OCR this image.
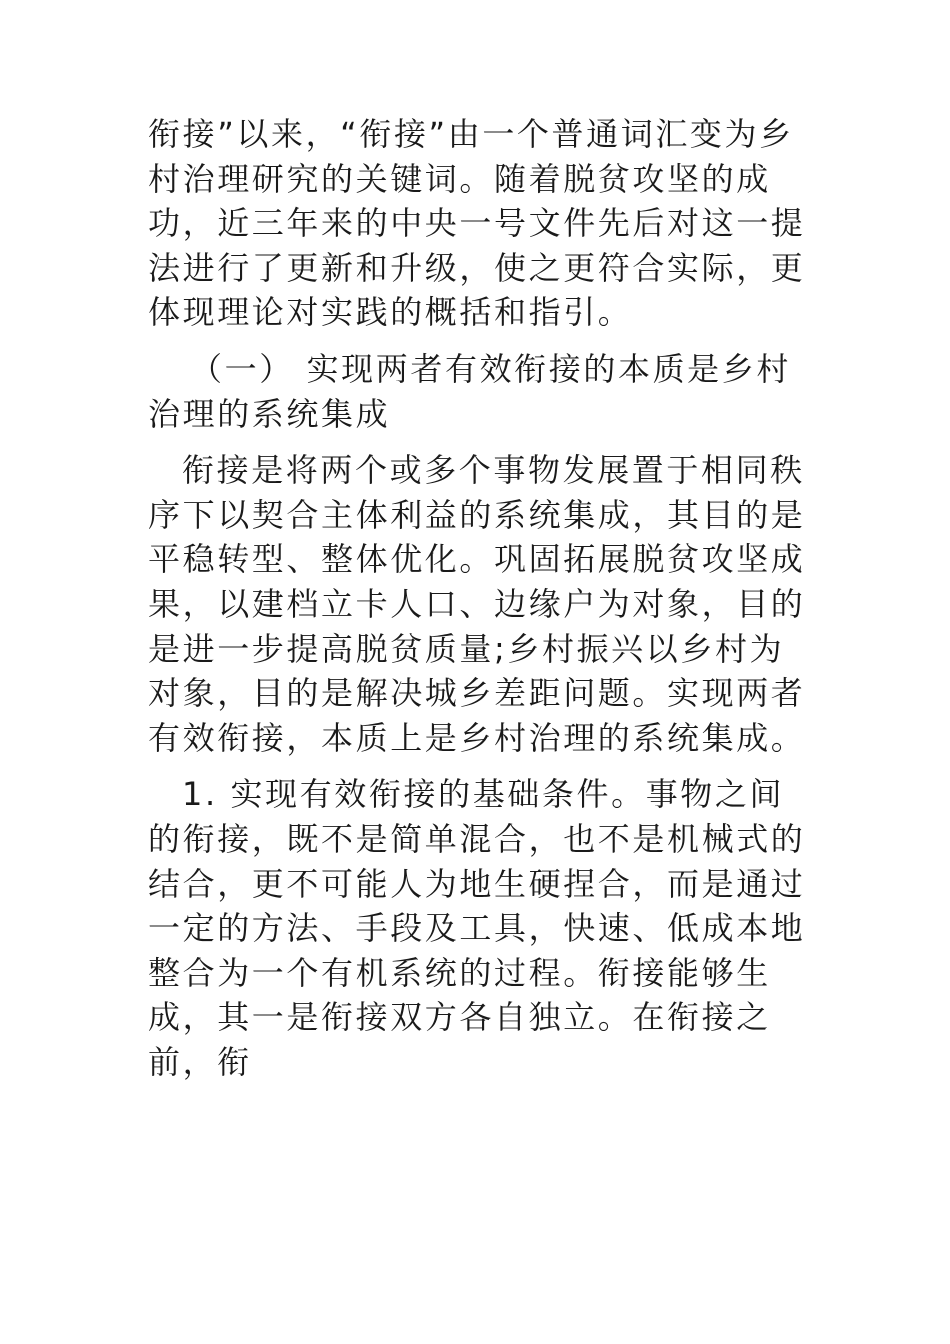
衔接”以来，“衔接”由一个普通词汇变为乡村治理研究的关键词。随着脱贫攻坚的成功，近三年来的中央一号文件先后对这一提法进行了更新和升级，使之更符合实际，更体现理论对实践的概括和指引。

（一） 实现两者有效衔接的本质是乡村治理的系统集成

衔接是将两个或多个事物发展置于相同秩序下以契合主体利益的系统集成，其目的是平稳转型、整体优化。巩固拓展脱贫攻坚成果，以建档立卡人口、边缘户为对象，目的是进一步提高脱贫质量;乡村振兴以乡村为对象，目的是解决城乡差距问题。实现两者有效衔接，本质上是乡村治理的系统集成。

1. 实现有效衔接的基础条件。事物之间的衔接，既不是简单混合，也不是机械式的结合，更不可能人为地生硬捏合，而是通过一定的方法、手段及工具，快速、低成本地整合为一个有机系统的过程。衔接能够生成，其一是衔接双方各自独立。在衔接之前，衔
